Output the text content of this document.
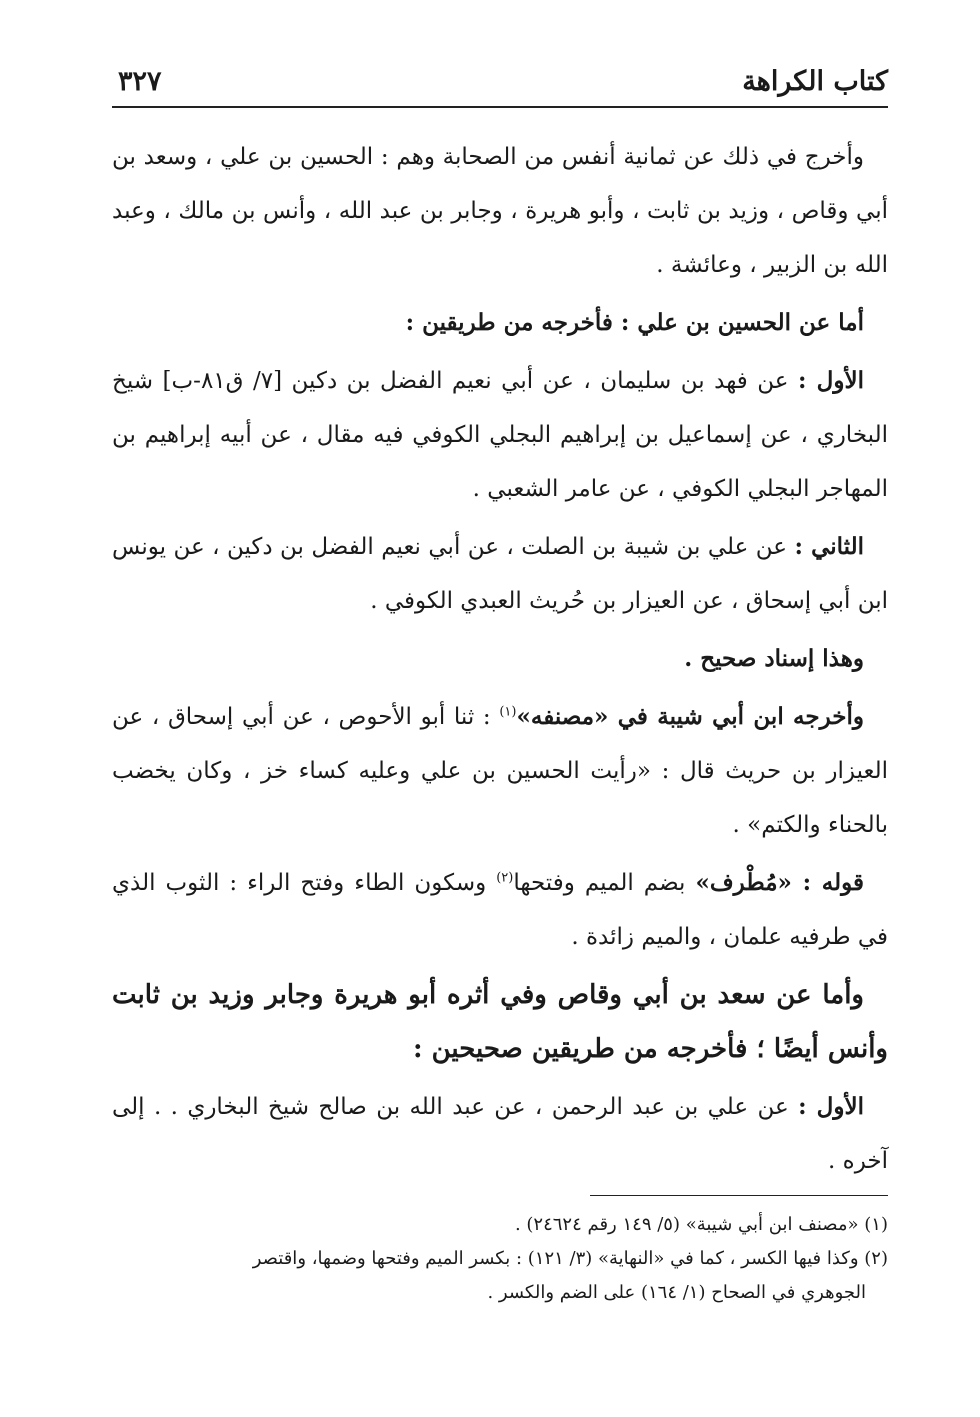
كتاب الكراهة
٣٢٧

وأخرج في ذلك عن ثمانية أنفس من الصحابة وهم : الحسين بن علي ، وسعد بن أبي وقاص ، وزيد بن ثابت ، وأبو هريرة ، وجابر بن عبد الله ، وأنس بن مالك ، وعبد الله بن الزبير ، وعائشة .

أما عن الحسين بن علي : فأخرجه من طريقين :

الأول : عن فهد بن سليمان ، عن أبي نعيم الفضل بن دكين [٧/ ق٨١-ب] شيخ البخاري ، عن إسماعيل بن إبراهيم البجلي الكوفي فيه مقال ، عن أبيه إبراهيم بن المهاجر البجلي الكوفي ، عن عامر الشعبي .

الثاني : عن علي بن شيبة بن الصلت ، عن أبي نعيم الفضل بن دكين ، عن يونس ابن أبي إسحاق ، عن العيزار بن حُريث العبدي الكوفي .

وهذا إسناد صحيح .

وأخرجه ابن أبي شيبة في «مصنفه»$^{(١)}$ : ثنا أبو الأحوص ، عن أبي إسحاق ، عن العيزار بن حريث قال : «رأيت الحسين بن علي وعليه كساء خز ، وكان يخضب بالحناء والكتم» .

قوله : «مُطْرف» بضم الميم وفتحها$^{(٢)}$ وسكون الطاء وفتح الراء : الثوب الذي في طرفيه علمان ، والميم زائدة .

وأما عن سعد بن أبي وقاص وفي أثره أبو هريرة وجابر وزيد بن ثابت وأنس أيضًا ؛ فأخرجه من طريقين صحيحين :

الأول : عن علي بن عبد الرحمن ، عن عبد الله بن صالح شيخ البخاري . . إلى آخره .

(١) «مصنف ابن أبي شيبة» (٥/ ١٤٩ رقم ٢٤٦٢٤) .

(٢) وكذا فيها الكسر ، كما في «النهاية» (٣/ ١٢١) : بكسر الميم وفتحها وضمها، واقتصر

الجوهري في الصحاح (١/ ١٦٤) على الضم والكسر .
